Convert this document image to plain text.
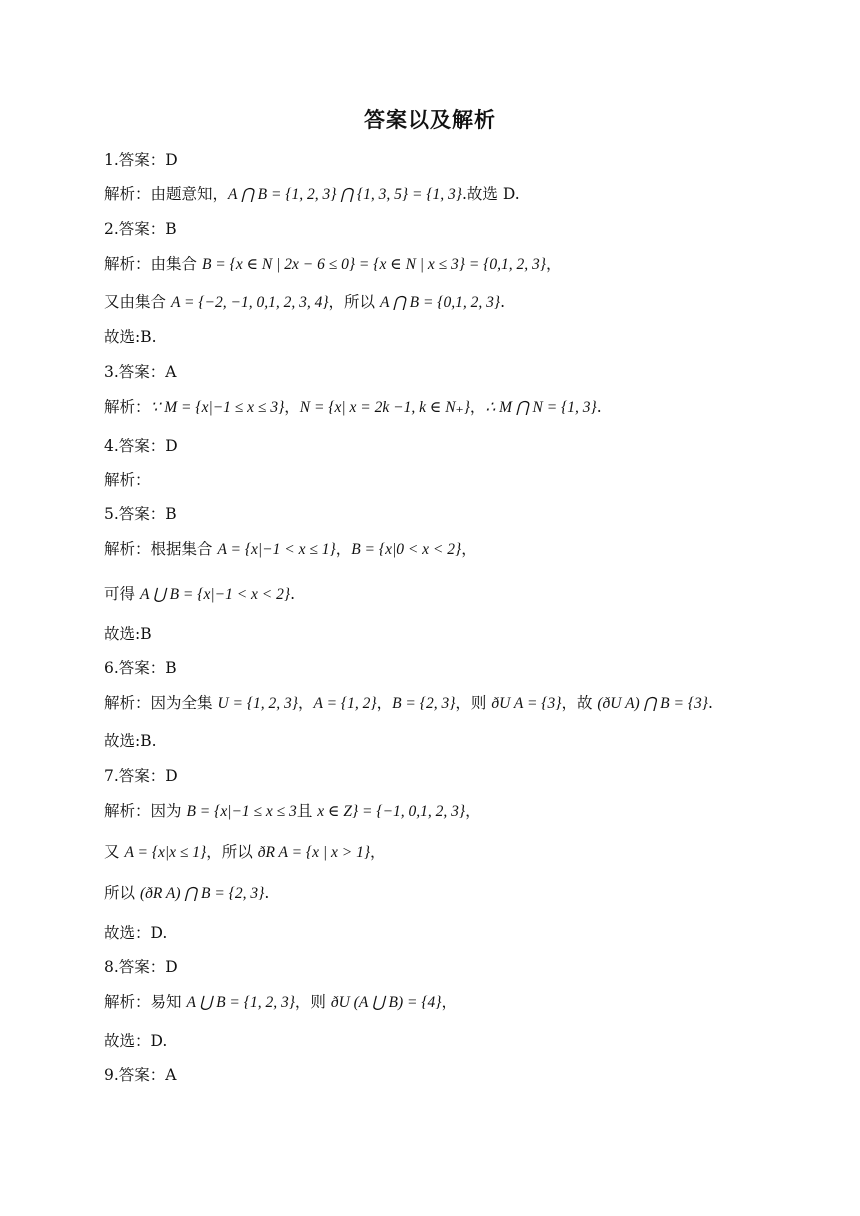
答案以及解析
1.答案：D
解析：由题意知，A ⋂ B = {1, 2, 3} ⋂ {1, 3, 5} = {1, 3}.故选 D.
2.答案：B
解析：由集合 B = {x ∈ N | 2x − 6 ≤ 0} = {x ∈ N | x ≤ 3} = {0,1, 2, 3}，
又由集合 A = {−2, −1, 0,1, 2, 3, 4}，所以 A ⋂ B = {0,1, 2, 3}.
故选:B.
3.答案：A
解析：∵ M = {x|−1 ≤ x ≤ 3}，N = {x| x = 2k −1, k ∈ N₊}，∴ M ⋂ N = {1, 3}.
4.答案：D
解析：
5.答案：B
解析：根据集合 A = {x|−1 < x ≤ 1}，B = {x|0 < x < 2}，
可得 A ⋃ B = {x|−1 < x < 2}.
故选:B
6.答案：B
解析：因为全集 U = {1, 2, 3}，A = {1, 2}，B = {2, 3}，则 ðU A = {3}，故 (ðU A) ⋂ B = {3}.
故选:B.
7.答案：D
解析：因为 B = {x|−1 ≤ x ≤ 3且 x ∈ Z} = {−1, 0,1, 2, 3}，
又 A = {x|x ≤ 1}，所以 ðR A = {x | x > 1}，
所以 (ðR A) ⋂ B = {2, 3}.
故选：D.
8.答案：D
解析：易知 A ⋃ B = {1, 2, 3}，则 ðU (A ⋃ B) = {4}，
故选：D.
9.答案：A
